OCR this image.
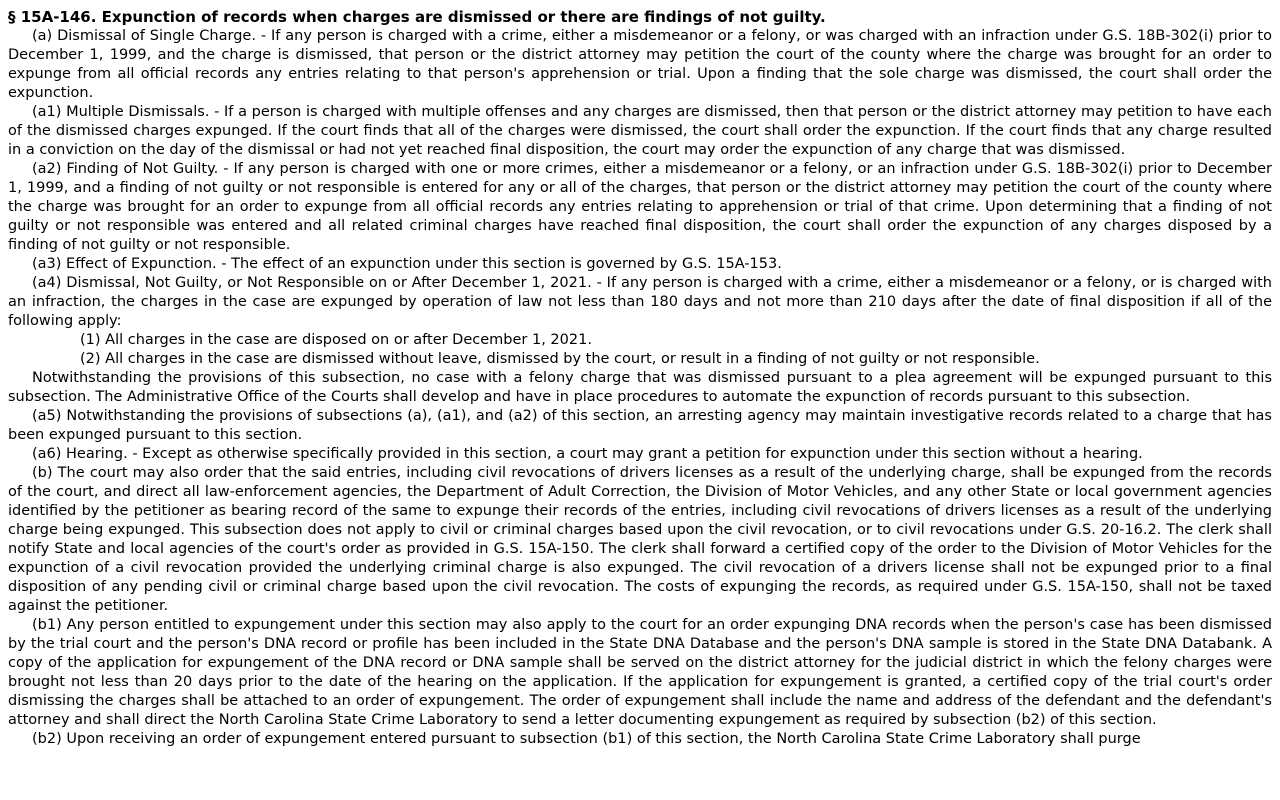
§ 15A-146. Expunction of records when charges are dismissed or there are findings of not guilty.

(a) Dismissal of Single Charge. - If any person is charged with a crime, either a misdemeanor or a felony, or was charged with an infraction under G.S. 18B-302(i) prior to December 1, 1999, and the charge is dismissed, that person or the district attorney may petition the court of the county where the charge was brought for an order to expunge from all official records any entries relating to that person's apprehension or trial. Upon a finding that the sole charge was dismissed, the court shall order the expunction.

(a1) Multiple Dismissals. - If a person is charged with multiple offenses and any charges are dismissed, then that person or the district attorney may petition to have each of the dismissed charges expunged. If the court finds that all of the charges were dismissed, the court shall order the expunction. If the court finds that any charge resulted in a conviction on the day of the dismissal or had not yet reached final disposition, the court may order the expunction of any charge that was dismissed.

(a2) Finding of Not Guilty. - If any person is charged with one or more crimes, either a misdemeanor or a felony, or an infraction under G.S. 18B-302(i) prior to December 1, 1999, and a finding of not guilty or not responsible is entered for any or all of the charges, that person or the district attorney may petition the court of the county where the charge was brought for an order to expunge from all official records any entries relating to apprehension or trial of that crime. Upon determining that a finding of not guilty or not responsible was entered and all related criminal charges have reached final disposition, the court shall order the expunction of any charges disposed by a finding of not guilty or not responsible.

(a3) Effect of Expunction. - The effect of an expunction under this section is governed by G.S. 15A-153.

(a4) Dismissal, Not Guilty, or Not Responsible on or After December 1, 2021. - If any person is charged with a crime, either a misdemeanor or a felony, or is charged with an infraction, the charges in the case are expunged by operation of law not less than 180 days and not more than 210 days after the date of final disposition if all of the following apply:

(1) All charges in the case are disposed on or after December 1, 2021.

(2) All charges in the case are dismissed without leave, dismissed by the court, or result in a finding of not guilty or not responsible.

Notwithstanding the provisions of this subsection, no case with a felony charge that was dismissed pursuant to a plea agreement will be expunged pursuant to this subsection. The Administrative Office of the Courts shall develop and have in place procedures to automate the expunction of records pursuant to this subsection.

(a5) Notwithstanding the provisions of subsections (a), (a1), and (a2) of this section, an arresting agency may maintain investigative records related to a charge that has been expunged pursuant to this section.

(a6) Hearing. - Except as otherwise specifically provided in this section, a court may grant a petition for expunction under this section without a hearing.

(b) The court may also order that the said entries, including civil revocations of drivers licenses as a result of the underlying charge, shall be expunged from the records of the court, and direct all law-enforcement agencies, the Department of Adult Correction, the Division of Motor Vehicles, and any other State or local government agencies identified by the petitioner as bearing record of the same to expunge their records of the entries, including civil revocations of drivers licenses as a result of the underlying charge being expunged. This subsection does not apply to civil or criminal charges based upon the civil revocation, or to civil revocations under G.S. 20-16.2. The clerk shall notify State and local agencies of the court's order as provided in G.S. 15A-150. The clerk shall forward a certified copy of the order to the Division of Motor Vehicles for the expunction of a civil revocation provided the underlying criminal charge is also expunged. The civil revocation of a drivers license shall not be expunged prior to a final disposition of any pending civil or criminal charge based upon the civil revocation. The costs of expunging the records, as required under G.S. 15A-150, shall not be taxed against the petitioner.

(b1) Any person entitled to expungement under this section may also apply to the court for an order expunging DNA records when the person's case has been dismissed by the trial court and the person's DNA record or profile has been included in the State DNA Database and the person's DNA sample is stored in the State DNA Databank. A copy of the application for expungement of the DNA record or DNA sample shall be served on the district attorney for the judicial district in which the felony charges were brought not less than 20 days prior to the date of the hearing on the application. If the application for expungement is granted, a certified copy of the trial court's order dismissing the charges shall be attached to an order of expungement. The order of expungement shall include the name and address of the defendant and the defendant's attorney and shall direct the North Carolina State Crime Laboratory to send a letter documenting expungement as required by subsection (b2) of this section.

(b2) Upon receiving an order of expungement entered pursuant to subsection (b1) of this section, the North Carolina State Crime Laboratory shall purge
